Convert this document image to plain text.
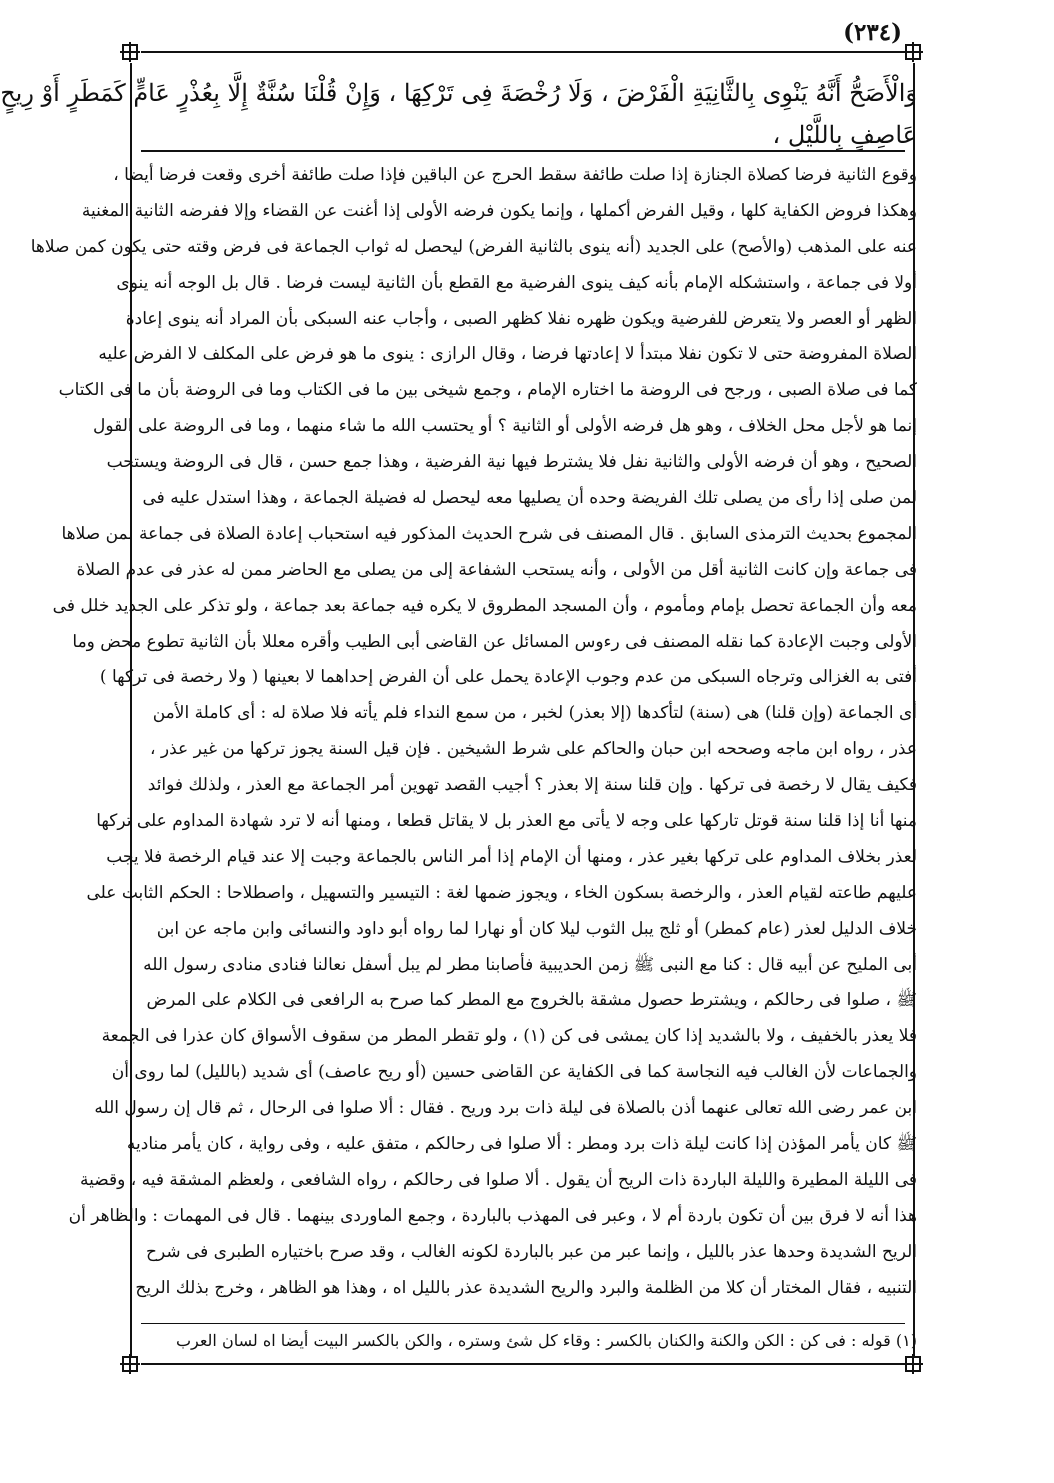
(٢٣٤)
وَالْأَصَحُّ أَنَّهُ يَنْوِى بِالثَّانِيَةِ الْفَرْضَ ، وَلَا رُخْصَةَ فِى تَرْكِهَا ، وَإِنْ قُلْنَا سُنَّةٌ إِلَّا بِعُذْرٍ عَامٍّ كَمَطَرٍ أَوْ رِيحٍ
عَاصِفٍ بِاللَّيْلِ ،
وقوع الثانية فرضا كصلاة الجنازة إذا صلت طائفة سقط الحرج عن الباقين فإذا صلت طائفة أخرى وقعت فرضا أيضا ،
وهكذا فروض الكفاية كلها ، وقيل الفرض أكملها ، وإنما يكون فرضه الأولى إذا أغنت عن القضاء وإلا ففرضه الثانية المغنية
عنه على المذهب (والأصح) على الجديد (أنه ينوى بالثانية الفرض) ليحصل له ثواب الجماعة فى فرض وقته حتى يكون كمن صلاها
أولا فى جماعة ، واستشكله الإمام بأنه كيف ينوى الفرضية مع القطع بأن الثانية ليست فرضا . قال بل الوجه أنه ينوى
الظهر أو العصر ولا يتعرض للفرضية ويكون ظهره نفلا كظهر الصبى ، وأجاب عنه السبكى بأن المراد أنه ينوى إعادة
الصلاة المفروضة حتى لا تكون نفلا مبتدأ لا إعادتها فرضا ، وقال الرازى : ينوى ما هو فرض على المكلف لا الفرض عليه
كما فى صلاة الصبى ، ورجح فى الروضة ما اختاره الإمام ، وجمع شيخى بين ما فى الكتاب وما فى الروضة بأن ما فى الكتاب
إنما هو لأجل محل الخلاف ، وهو هل فرضه الأولى أو الثانية ؟ أو يحتسب الله ما شاء منهما ، وما فى الروضة على القول
الصحيح ، وهو أن فرضه الأولى والثانية نفل فلا يشترط فيها نية الفرضية ، وهذا جمع حسن ، قال فى الروضة ويستحب
لمن صلى إذا رأى من يصلى تلك الفريضة وحده أن يصليها معه ليحصل له فضيلة الجماعة ، وهذا استدل عليه فى
المجموع بحديث الترمذى السابق . قال المصنف فى شرح الحديث المذكور فيه استحباب إعادة الصلاة فى جماعة لمن صلاها
فى جماعة وإن كانت الثانية أقل من الأولى ، وأنه يستحب الشفاعة إلى من يصلى مع الحاضر ممن له عذر فى عدم الصلاة
معه وأن الجماعة تحصل بإمام ومأموم ، وأن المسجد المطروق لا يكره فيه جماعة بعد جماعة ، ولو تذكر على الجديد خلل فى
الأولى وجبت الإعادة كما نقله المصنف فى رءوس المسائل عن القاضى أبى الطيب وأقره معللا بأن الثانية تطوع محض وما
أفتى به الغزالى وترجاه السبكى من عدم وجوب الإعادة يحمل على أن الفرض إحداهما لا بعينها ( ولا رخصة فى تركها )
أى الجماعة (وإن قلنا) هى (سنة) لتأكدها (إلا بعذر) لخبر ، من سمع النداء فلم يأته فلا صلاة له : أى كاملة الأمن
عذر ، رواه ابن ماجه وصححه ابن حبان والحاكم على شرط الشيخين . فإن قيل السنة يجوز تركها من غير عذر ،
فكيف يقال لا رخصة فى تركها . وإن قلنا سنة إلا بعذر ؟ أجيب القصد تهوين أمر الجماعة مع العذر ، ولذلك فوائد
منها أنا إذا قلنا سنة قوتل تاركها على وجه لا يأتى مع العذر بل لا يقاتل قطعا ، ومنها أنه لا ترد شهادة المداوم على تركها
لعذر بخلاف المداوم على تركها بغير عذر ، ومنها أن الإمام إذا أمر الناس بالجماعة وجبت إلا عند قيام الرخصة فلا يجب
عليهم طاعته لقيام العذر ، والرخصة بسكون الخاء ، ويجوز ضمها لغة : التيسير والتسهيل ، واصطلاحا : الحكم الثابت على
خلاف الدليل لعذر (عام كمطر) أو ثلج يبل الثوب ليلا كان أو نهارا لما رواه أبو داود والنسائى وابن ماجه عن ابن
أبى المليح عن أبيه قال : كنا مع النبى ﷺ زمن الحديبية فأصابنا مطر لم يبل أسفل نعالنا فنادى منادى رسول الله
ﷺ ، صلوا فى رحالكم ، ويشترط حصول مشقة بالخروج مع المطر كما صرح به الرافعى فى الكلام على المرض
فلا يعذر بالخفيف ، ولا بالشديد إذا كان يمشى فى كن (١) ، ولو تقطر المطر من سقوف الأسواق كان عذرا فى الجمعة
والجماعات لأن الغالب فيه النجاسة كما فى الكفاية عن القاضى حسين (أو ريح عاصف) أى شديد (بالليل) لما روى أن
ابن عمر رضى الله تعالى عنهما أذن بالصلاة فى ليلة ذات برد وريح . فقال : ألا صلوا فى الرحال ، ثم قال إن رسول الله
ﷺ كان يأمر المؤذن إذا كانت ليلة ذات برد ومطر : ألا صلوا فى رحالكم ، متفق عليه ، وفى رواية ، كان يأمر مناديه
فى الليلة المطيرة والليلة الباردة ذات الريح أن يقول . ألا صلوا فى رحالكم ، رواه الشافعى ، ولعظم المشقة فيه ، وقضية
هذا أنه لا فرق بين أن تكون باردة أم لا ، وعبر فى المهذب بالباردة ، وجمع الماوردى بينهما . قال فى المهمات : والظاهر أن
الريح الشديدة وحدها عذر بالليل ، وإنما عبر من عبر بالباردة لكونه الغالب ، وقد صرح باختياره الطبرى فى شرح
التنبيه ، فقال المختار أن كلا من الظلمة والبرد والريح الشديدة عذر بالليل اه ، وهذا هو الظاهر ، وخرج بذلك الريح
(١) قوله : فى كن : الكن والكنة والكنان بالكسر : وقاء كل شئ وستره ، والكن بالكسر البيت أيضا اه لسان العرب
